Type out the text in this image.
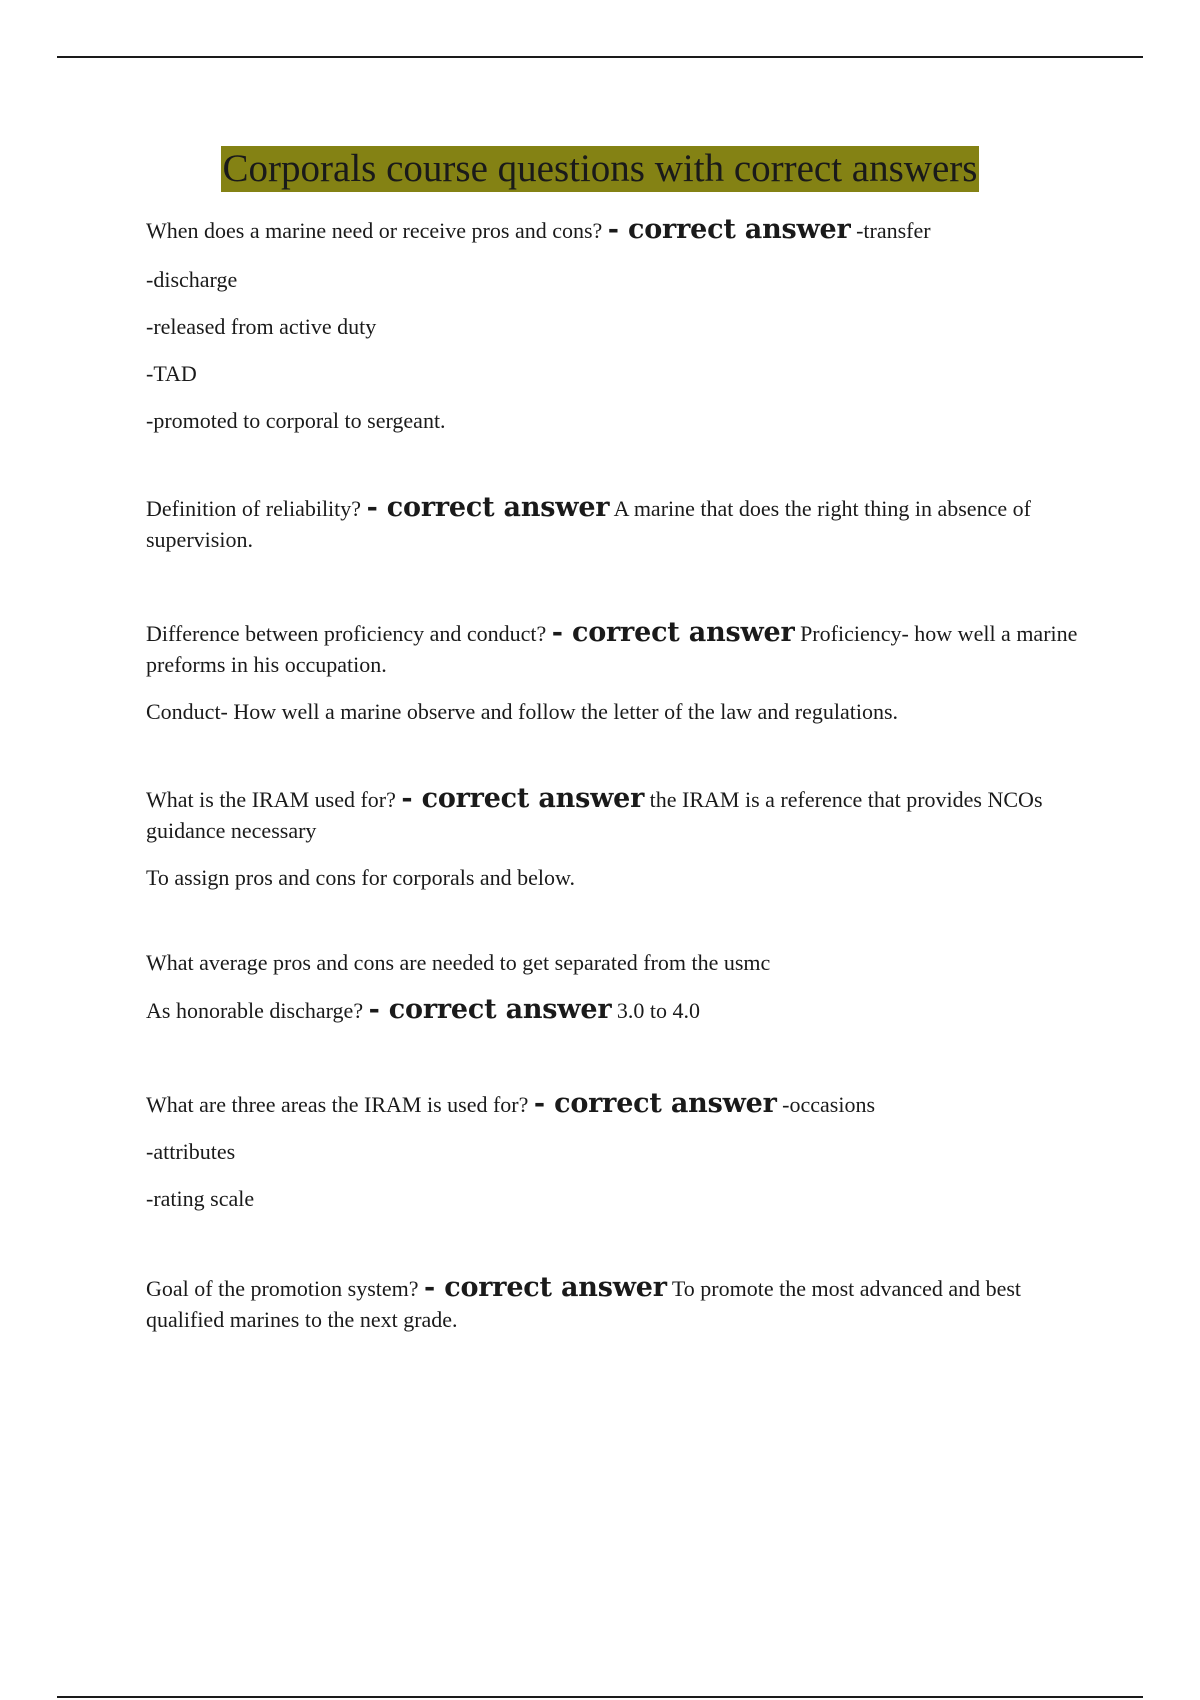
Corporals course questions with correct answers

When does a marine need or receive pros and cons? - correct answer -transfer

-discharge

-released from active duty

-TAD

-promoted to corporal to sergeant.

Definition of reliability? - correct answer A marine that does the right thing in absence of supervision.

Difference between proficiency and conduct? - correct answer Proficiency- how well a marine preforms in his occupation.

Conduct- How well a marine observe and follow the letter of the law and regulations.

What is the IRAM used for? - correct answer the IRAM is a reference that provides NCOs guidance necessary

To assign pros and cons for corporals and below.

What average pros and cons are needed to get separated from the usmc

As honorable discharge? - correct answer 3.0 to 4.0

What are three areas the IRAM is used for? - correct answer -occasions

-attributes

-rating scale

Goal of the promotion system? - correct answer To promote the most advanced and best qualified marines to the next grade.
